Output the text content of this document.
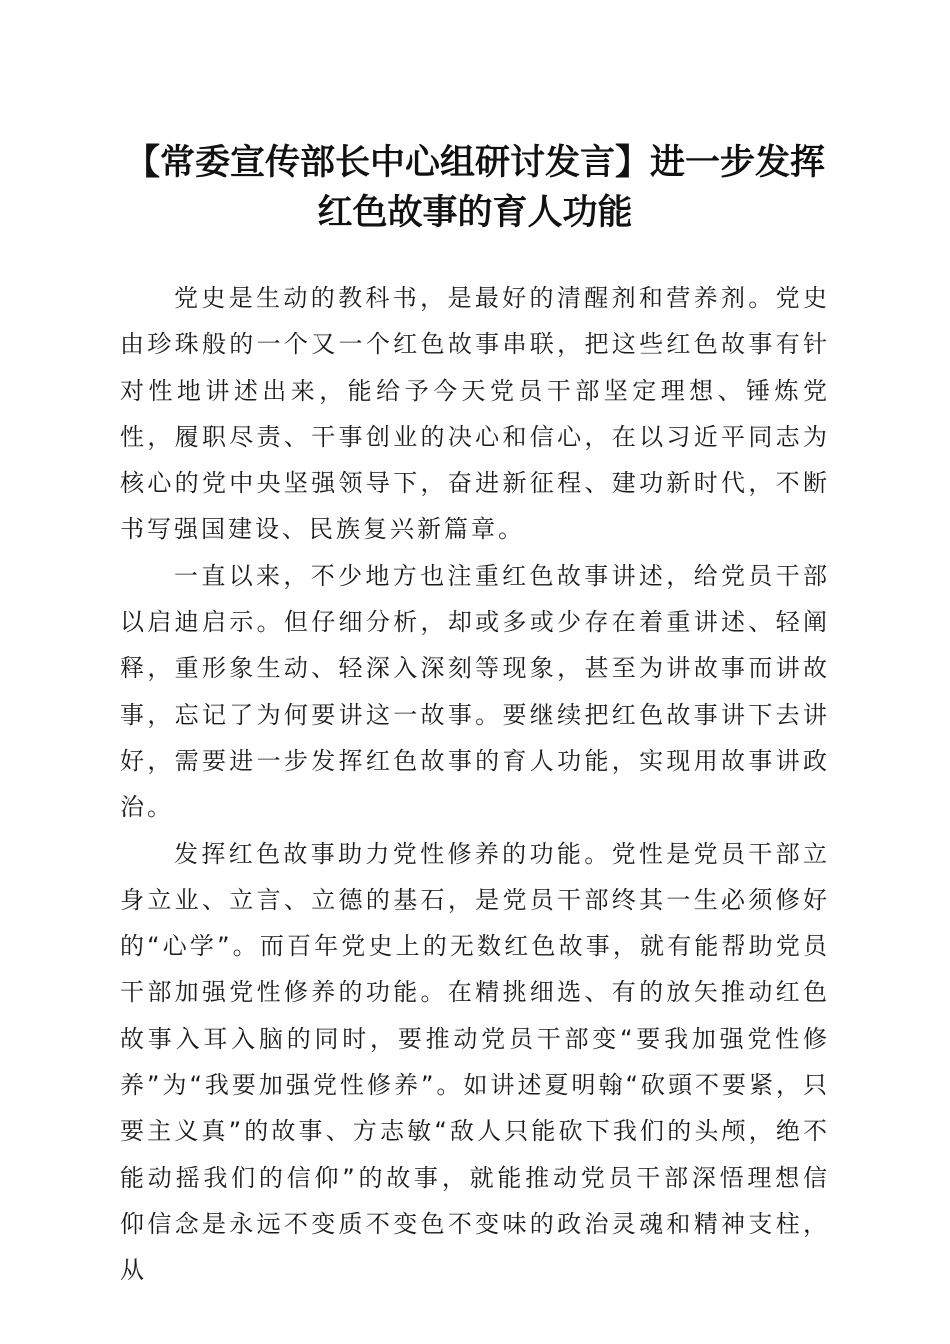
【常委宣传部长中心组研讨发言】进一步发挥
红色故事的育人功能

党史是生动的教科书，是最好的清醒剂和营养剂。党史由珍珠般的一个又一个红色故事串联，把这些红色故事有针对性地讲述出来，能给予今天党员干部坚定理想、锤炼党性，履职尽责、干事创业的决心和信心，在以习近平同志为核心的党中央坚强领导下，奋进新征程、建功新时代，不断书写强国建设、民族复兴新篇章。

一直以来，不少地方也注重红色故事讲述，给党员干部以启迪启示。但仔细分析，却或多或少存在着重讲述、轻阐释，重形象生动、轻深入深刻等现象，甚至为讲故事而讲故事，忘记了为何要讲这一故事。要继续把红色故事讲下去讲好，需要进一步发挥红色故事的育人功能，实现用故事讲政治。

发挥红色故事助力党性修养的功能。党性是党员干部立身立业、立言、立德的基石，是党员干部终其一生必须修好的“心学”。而百年党史上的无数红色故事，就有能帮助党员干部加强党性修养的功能。在精挑细选、有的放矢推动红色故事入耳入脑的同时，要推动党员干部变“要我加强党性修养”为“我要加强党性修养”。如讲述夏明翰“砍頭不要紧，只要主义真”的故事、方志敏“敌人只能砍下我们的头颅，绝不能动摇我们的信仰”的故事，就能推动党员干部深悟理想信仰信念是永远不变质不变色不变味的政治灵魂和精神支柱，从
